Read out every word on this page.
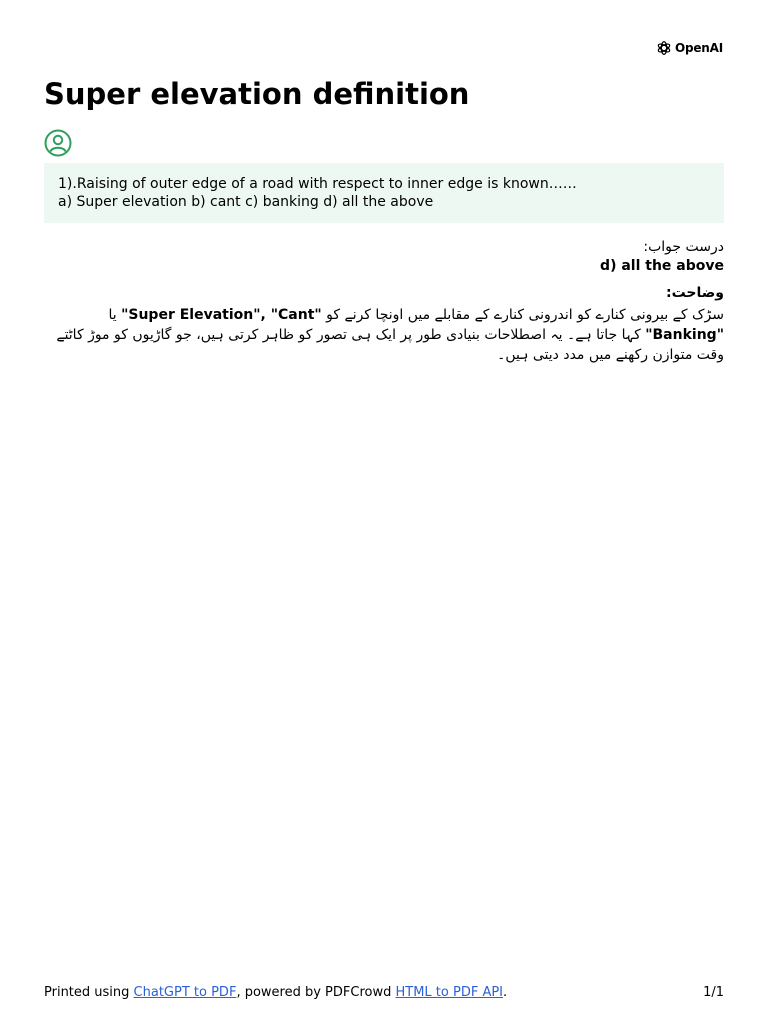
OpenAI
Super elevation definition
1).Raising of outer edge of a road with respect to inner edge is known……
a) Super elevation b) cant c) banking d) all the above
درست جواب:
d) all the above
وضاحت:
سڑک کے بیرونی کنارے کو اندرونی کنارے کے مقابلے میں اونچا کرنے کو "Super Elevation", "Cant" یا "Banking" کہا جاتا ہے۔ یہ اصطلاحات بنیادی طور پر ایک ہی تصور کو ظاہر کرتی ہیں، جو گاڑیوں کو موڑ کاٹتے وقت متوازن رکھنے میں مدد دیتی ہیں۔
Printed using ChatGPT to PDF, powered by PDFCrowd HTML to PDF API.	1/1
